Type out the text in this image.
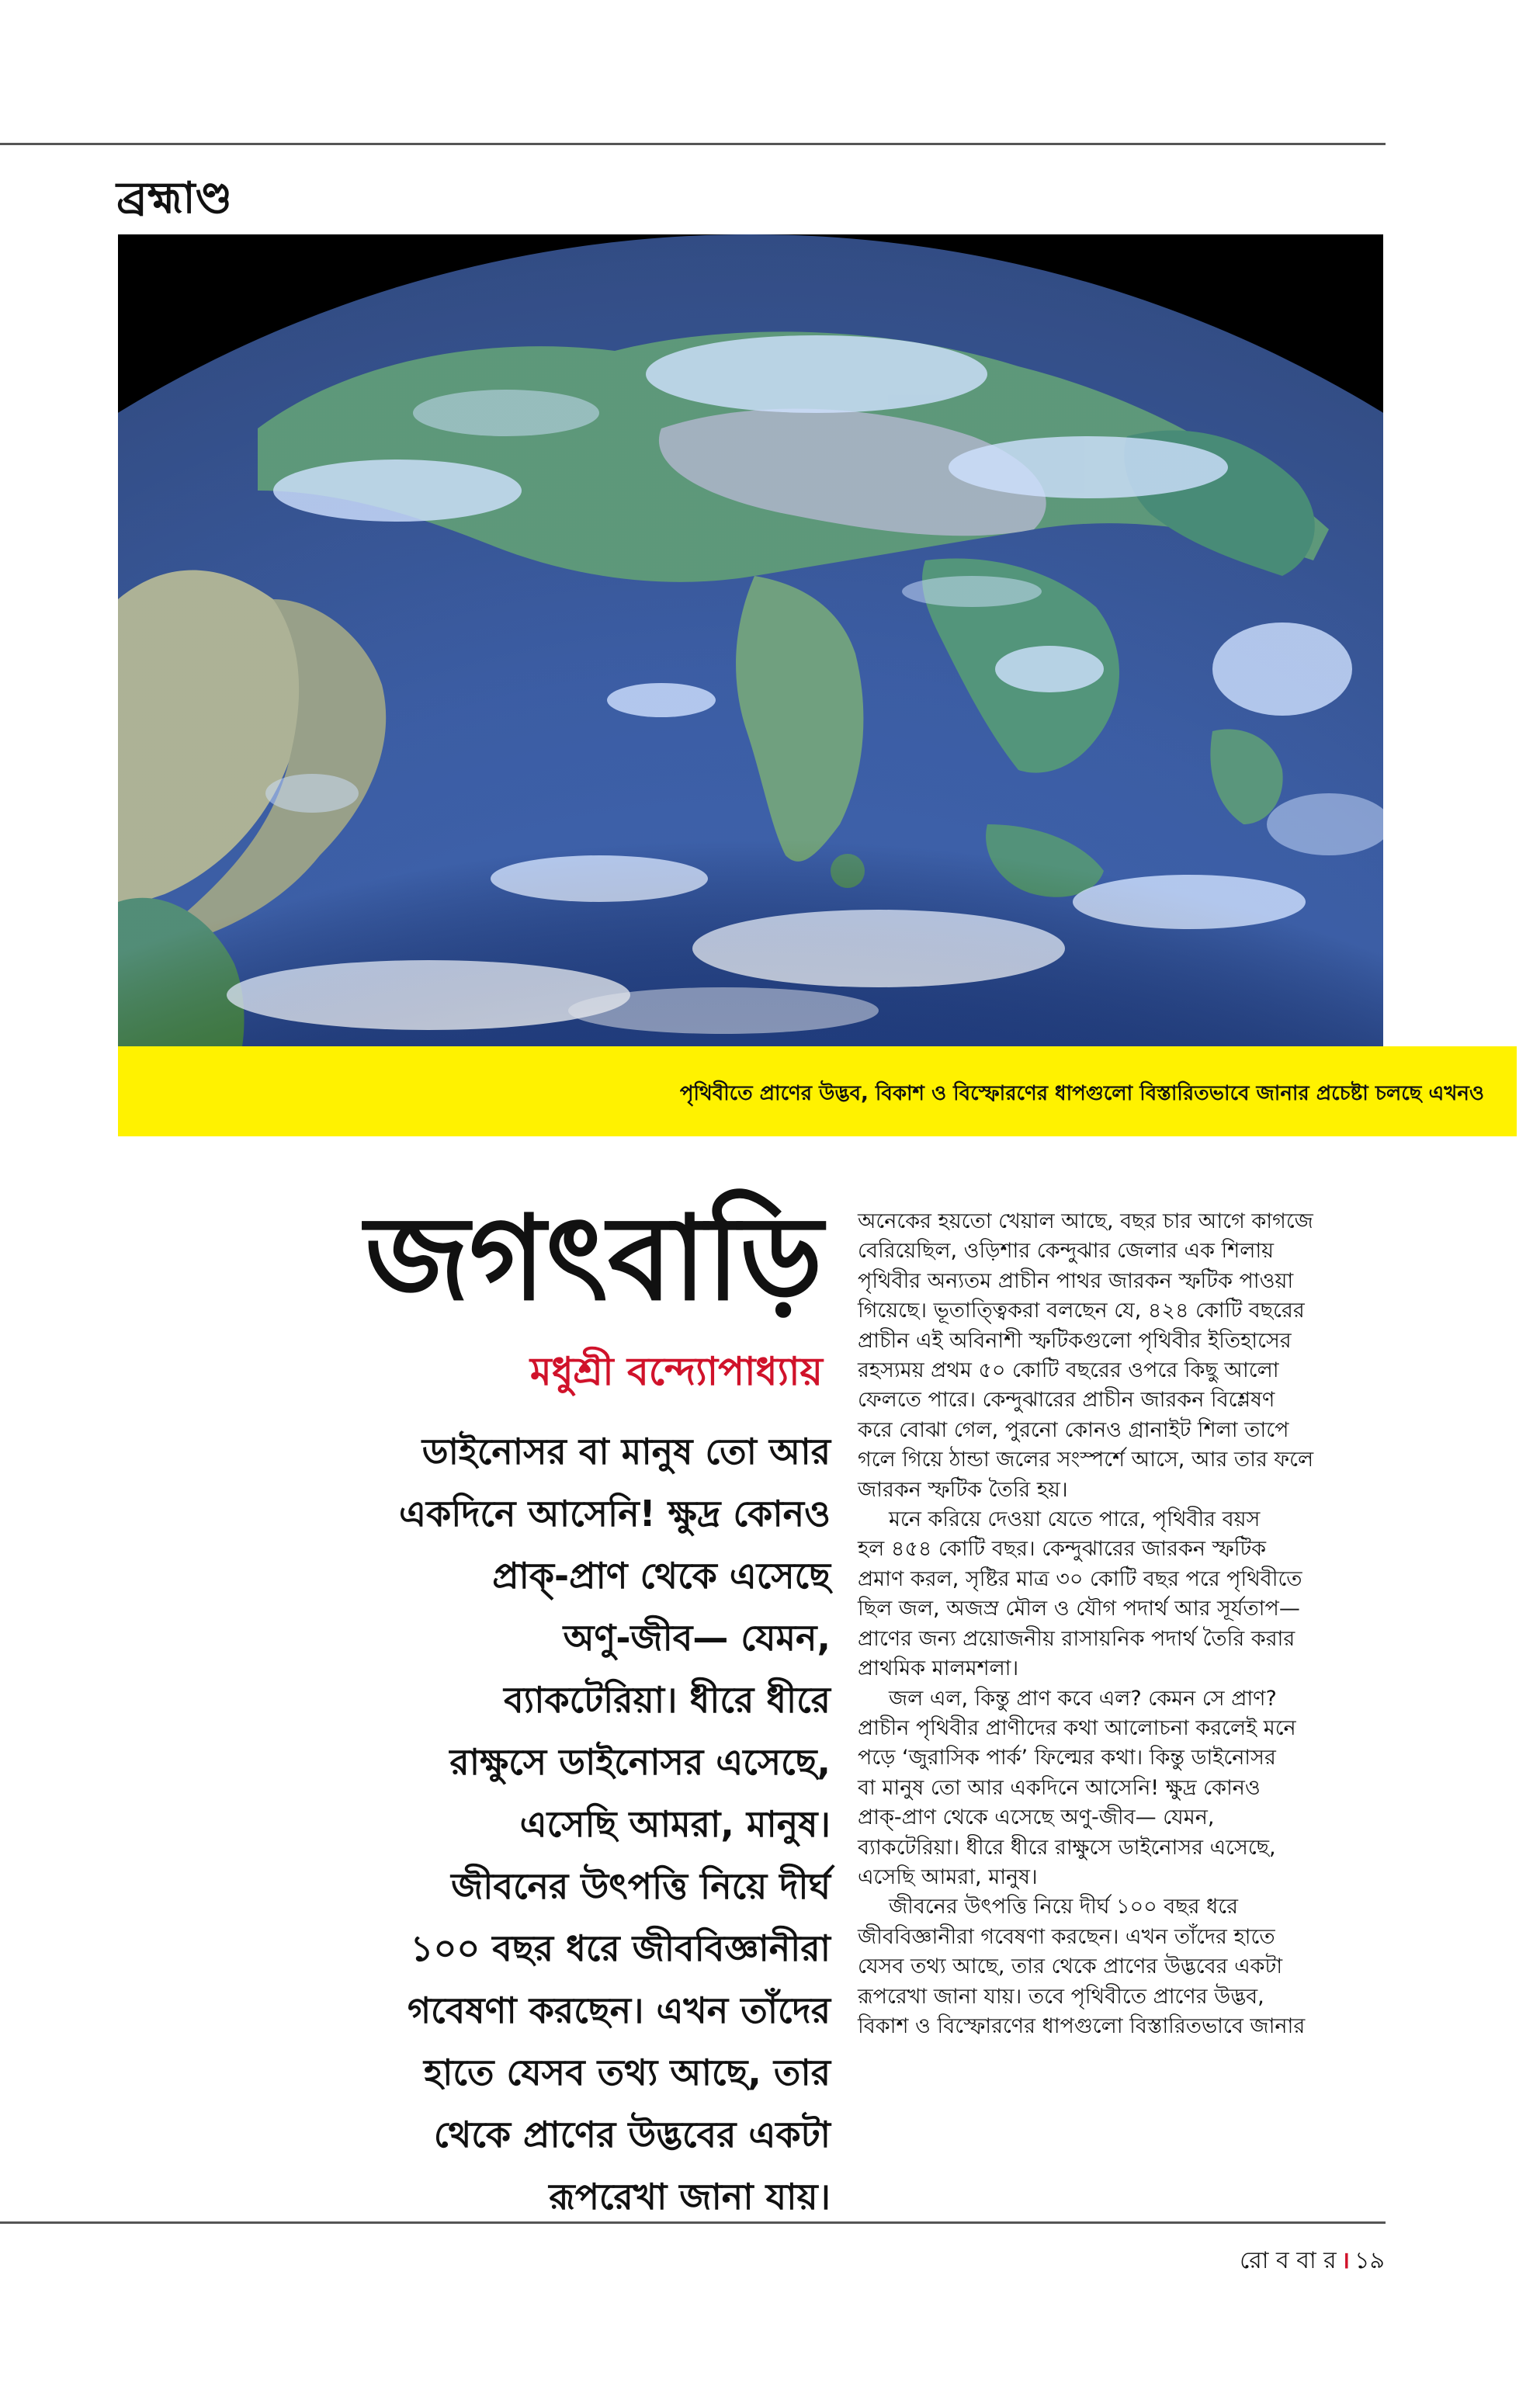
ব্রহ্মাণ্ড
পৃথিবীতে প্রাণের উদ্ভব, বিকাশ ও বিস্ফোরণের ধাপগুলো বিস্তারিতভাবে জানার প্রচেষ্টা চলছে এখনও
জগৎবাড়ি
মধুশ্রী বন্দ্যোপাধ্যায়
ডাইনোসর বা মানুষ তো আর
একদিনে আসেনি! ক্ষুদ্র কোনও
প্রাক্-প্রাণ থেকে এসেছে
অণু-জীব— যেমন,
ব্যাকটেরিয়া। ধীরে ধীরে
রাক্ষুসে ডাইনোসর এসেছে,
এসেছি আমরা, মানুষ।
জীবনের উৎপত্তি নিয়ে দীর্ঘ
১০০ বছর ধরে জীববিজ্ঞানীরা
গবেষণা করছেন। এখন তাঁদের
হাতে যেসব তথ্য আছে, তার
থেকে প্রাণের উদ্ভবের একটা
রূপরেখা জানা যায়।
অনেকের হয়তো খেয়াল আছে, বছর চার আগে কাগজে
বেরিয়েছিল, ওড়িশার কেন্দুঝার জেলার এক শিলায়
পৃথিবীর অন্যতম প্রাচীন পাথর জারকন স্ফটিক পাওয়া
গিয়েছে। ভূতাত্ত্বিকরা বলছেন যে, ৪২৪ কোটি বছরের
প্রাচীন এই অবিনাশী স্ফটিকগুলো পৃথিবীর ইতিহাসের
রহস্যময় প্রথম ৫০ কোটি বছরের ওপরে কিছু আলো
ফেলতে পারে। কেন্দুঝারের প্রাচীন জারকন বিশ্লেষণ
করে বোঝা গেল, পুরনো কোনও গ্রানাইট শিলা তাপে
গলে গিয়ে ঠান্ডা জলের সংস্পর্শে আসে, আর তার ফলে
জারকন স্ফটিক তৈরি হয়।
মনে করিয়ে দেওয়া যেতে পারে, পৃথিবীর বয়স
হল ৪৫৪ কোটি বছর। কেন্দুঝারের জারকন স্ফটিক
প্রমাণ করল, সৃষ্টির মাত্র ৩০ কোটি বছর পরে পৃথিবীতে
ছিল জল, অজস্র মৌল ও যৌগ পদার্থ আর সূর্যতাপ—
প্রাণের জন্য প্রয়োজনীয় রাসায়নিক পদার্থ তৈরি করার
প্রাথমিক মালমশলা।
জল এল, কিন্তু প্রাণ কবে এল? কেমন সে প্রাণ?
প্রাচীন পৃথিবীর প্রাণীদের কথা আলোচনা করলেই মনে
পড়ে ‘জুরাসিক পার্ক’ ফিল্মের কথা। কিন্তু ডাইনোসর
বা মানুষ তো আর একদিনে আসেনি! ক্ষুদ্র কোনও
প্রাক্-প্রাণ থেকে এসেছে অণু-জীব— যেমন,
ব্যাকটেরিয়া। ধীরে ধীরে রাক্ষুসে ডাইনোসর এসেছে,
এসেছি আমরা, মানুষ।
জীবনের উৎপত্তি নিয়ে দীর্ঘ ১০০ বছর ধরে
জীববিজ্ঞানীরা গবেষণা করছেন। এখন তাঁদের হাতে
যেসব তথ্য আছে, তার থেকে প্রাণের উদ্ভবের একটা
রূপরেখা জানা যায়। তবে পৃথিবীতে প্রাণের উদ্ভব,
বিকাশ ও বিস্ফোরণের ধাপগুলো বিস্তারিতভাবে জানার
রো ব বা র । ১৯
